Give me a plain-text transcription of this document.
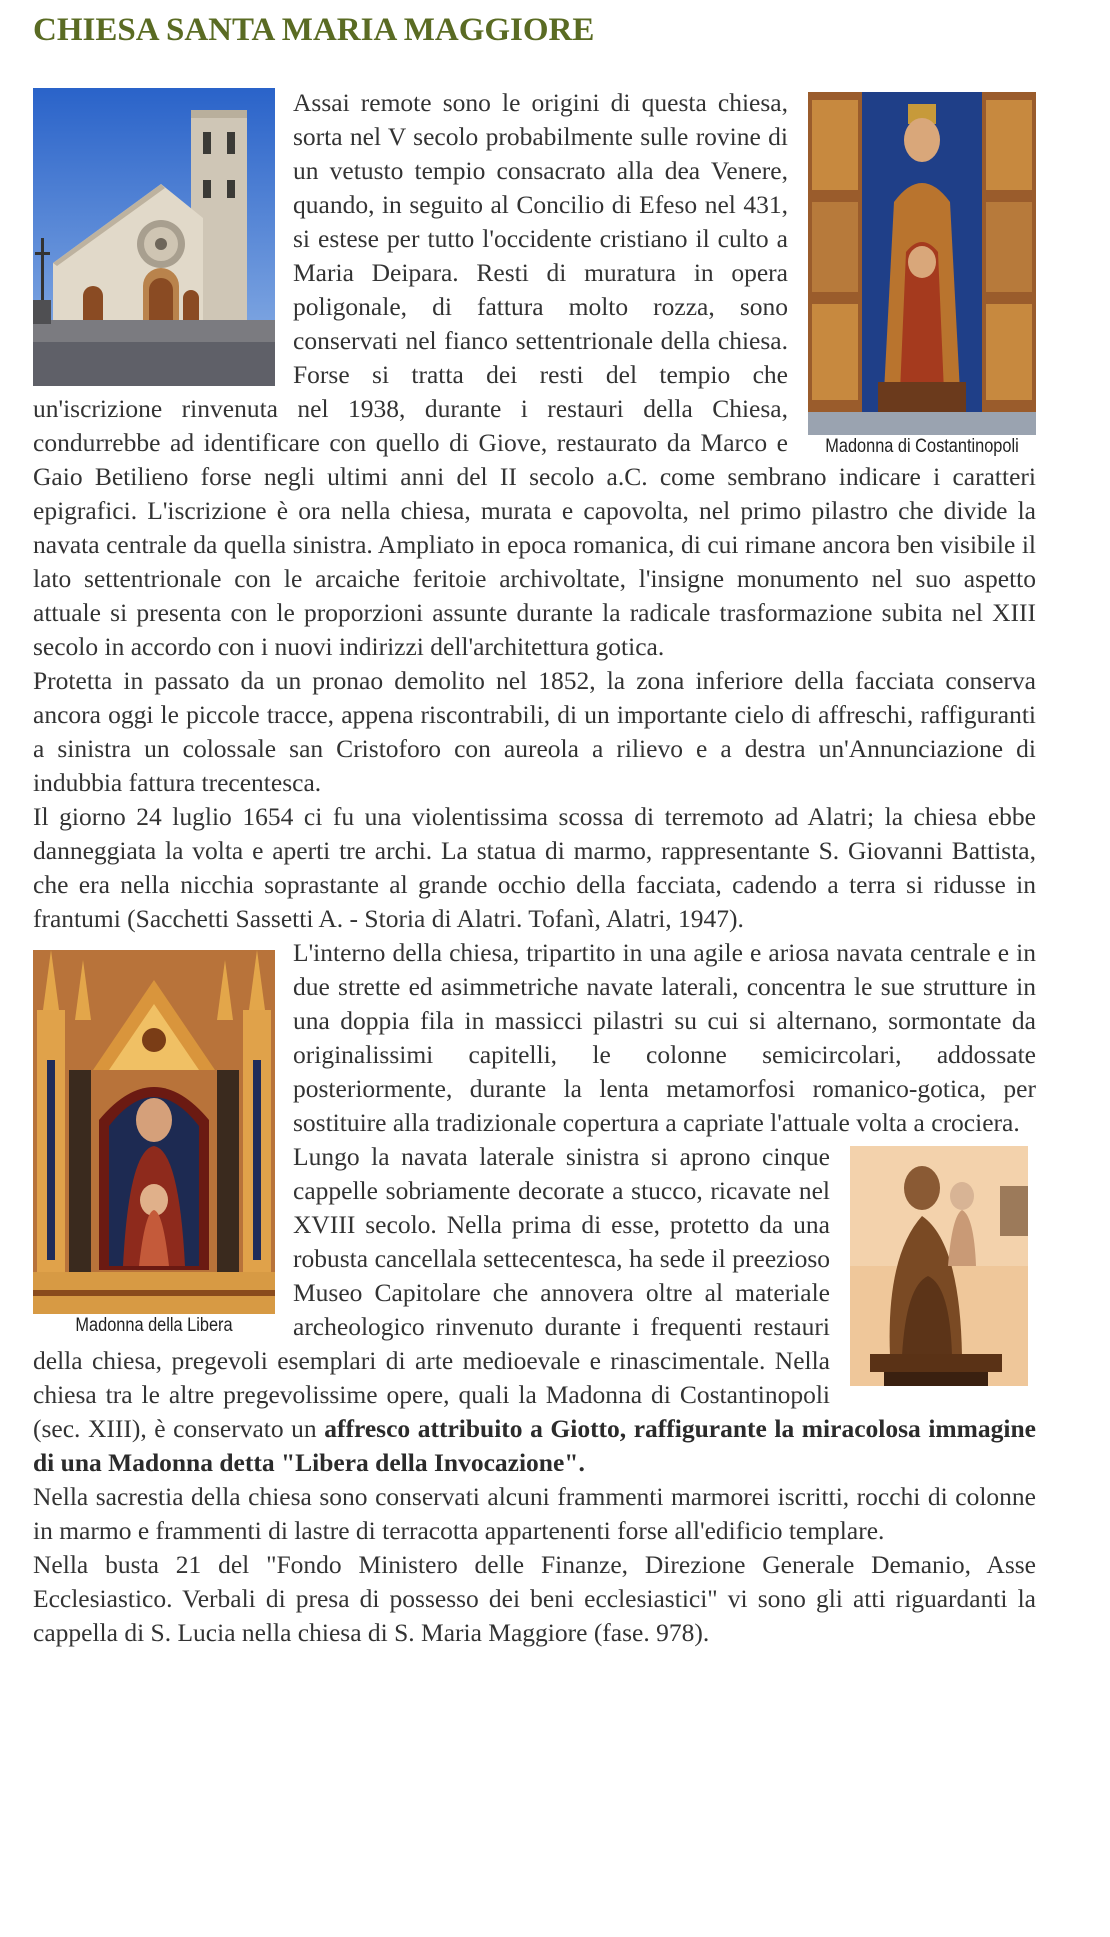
CHIESA SANTA MARIA MAGGIORE
Madonna di Costantinopoli

Assai remote sono le origini di questa chiesa, sorta nel V secolo probabilmente sulle rovine di un vetusto tempio consacrato alla dea Venere, quando, in seguito al Concilio di Efeso nel 431, si estese per tutto l'occidente cristiano il culto a Maria Deipara. Resti di muratura in opera poligonale, di fattura molto rozza, sono conservati nel fianco settentrionale della chiesa. Forse si tratta dei resti del tempio che un'iscrizione rinvenuta nel 1938, durante i restauri della Chiesa, condurrebbe ad identificare con quello di Giove, restaurato da Marco e Gaio Betilieno forse negli ultimi anni del II secolo a.C. come sembrano indicare i caratteri epigrafici. L'iscrizione è ora nella chiesa, murata e capovolta, nel primo pilastro che divide la navata centrale da quella sinistra. Ampliato in epoca romanica, di cui rimane ancora ben visibile il lato settentrionale con le arcaiche feritoie archivoltate, l'insigne monumento nel suo aspetto attuale si presenta con le proporzioni assunte durante la radicale trasformazione subita nel XIII secolo in accordo con i nuovi indirizzi dell'architettura gotica.

Protetta in passato da un pronao demolito nel 1852, la zona inferiore della facciata conserva ancora oggi le piccole tracce, appena riscontrabili, di un importante cielo di affreschi, raffiguranti a sinistra un colossale san Cristoforo con aureola a rilievo e a destra un'Annunciazione di indubbia fattura trecentesca.

Il giorno 24 luglio 1654 ci fu una violentissima scossa di terremoto ad Alatri; la chiesa ebbe danneggiata la volta e aperti tre archi. La statua di marmo, rappresentante S. Giovanni Battista, che era nella nicchia soprastante al grande occhio della facciata, cadendo a terra si ridusse in frantumi (Sacchetti Sassetti A. - Storia di Alatri. Tofanì, Alatri, 1947).

Madonna della Libera

L'interno della chiesa, tripartito in una agile e ariosa navata centrale e in due strette ed asimmetriche navate laterali, concentra le sue strutture in una doppia fila in massicci pilastri su cui si alternano, sormontate da originalissimi capitelli, le colonne semicircolari, addossate posteriormente, durante la lenta metamorfosi romanico-gotica, per sostituire alla tradizionale copertura a capriate l'attuale volta a crociera.

Lungo la navata laterale sinistra si aprono cinque cappelle sobriamente decorate a stucco, ricavate nel XVIII secolo. Nella prima di esse, protetto da una robusta cancellala settecentesca, ha sede il preezioso Museo Capitolare che annovera oltre al materiale archeologico rinvenuto durante i frequenti restauri della chiesa, pregevoli esemplari di arte medioevale e rinascimentale. Nella chiesa tra le altre pregevolissime opere, quali la Madonna di Costantinopoli (sec. XIII), è conservato un affresco attribuito a Giotto, raffigurante la miracolosa immagine di una Madonna detta "Libera della Invocazione".

Nella sacrestia della chiesa sono conservati alcuni frammenti marmorei iscritti, rocchi di colonne in marmo e frammenti di lastre di terracotta appartenenti forse all'edificio templare.

Nella busta 21 del "Fondo Ministero delle Finanze, Direzione Generale Demanio, Asse Ecclesiastico. Verbali di presa di possesso dei beni ecclesiastici" vi sono gli atti riguardanti la cappella di S. Lucia nella chiesa di S. Maria Maggiore (fase. 978).
